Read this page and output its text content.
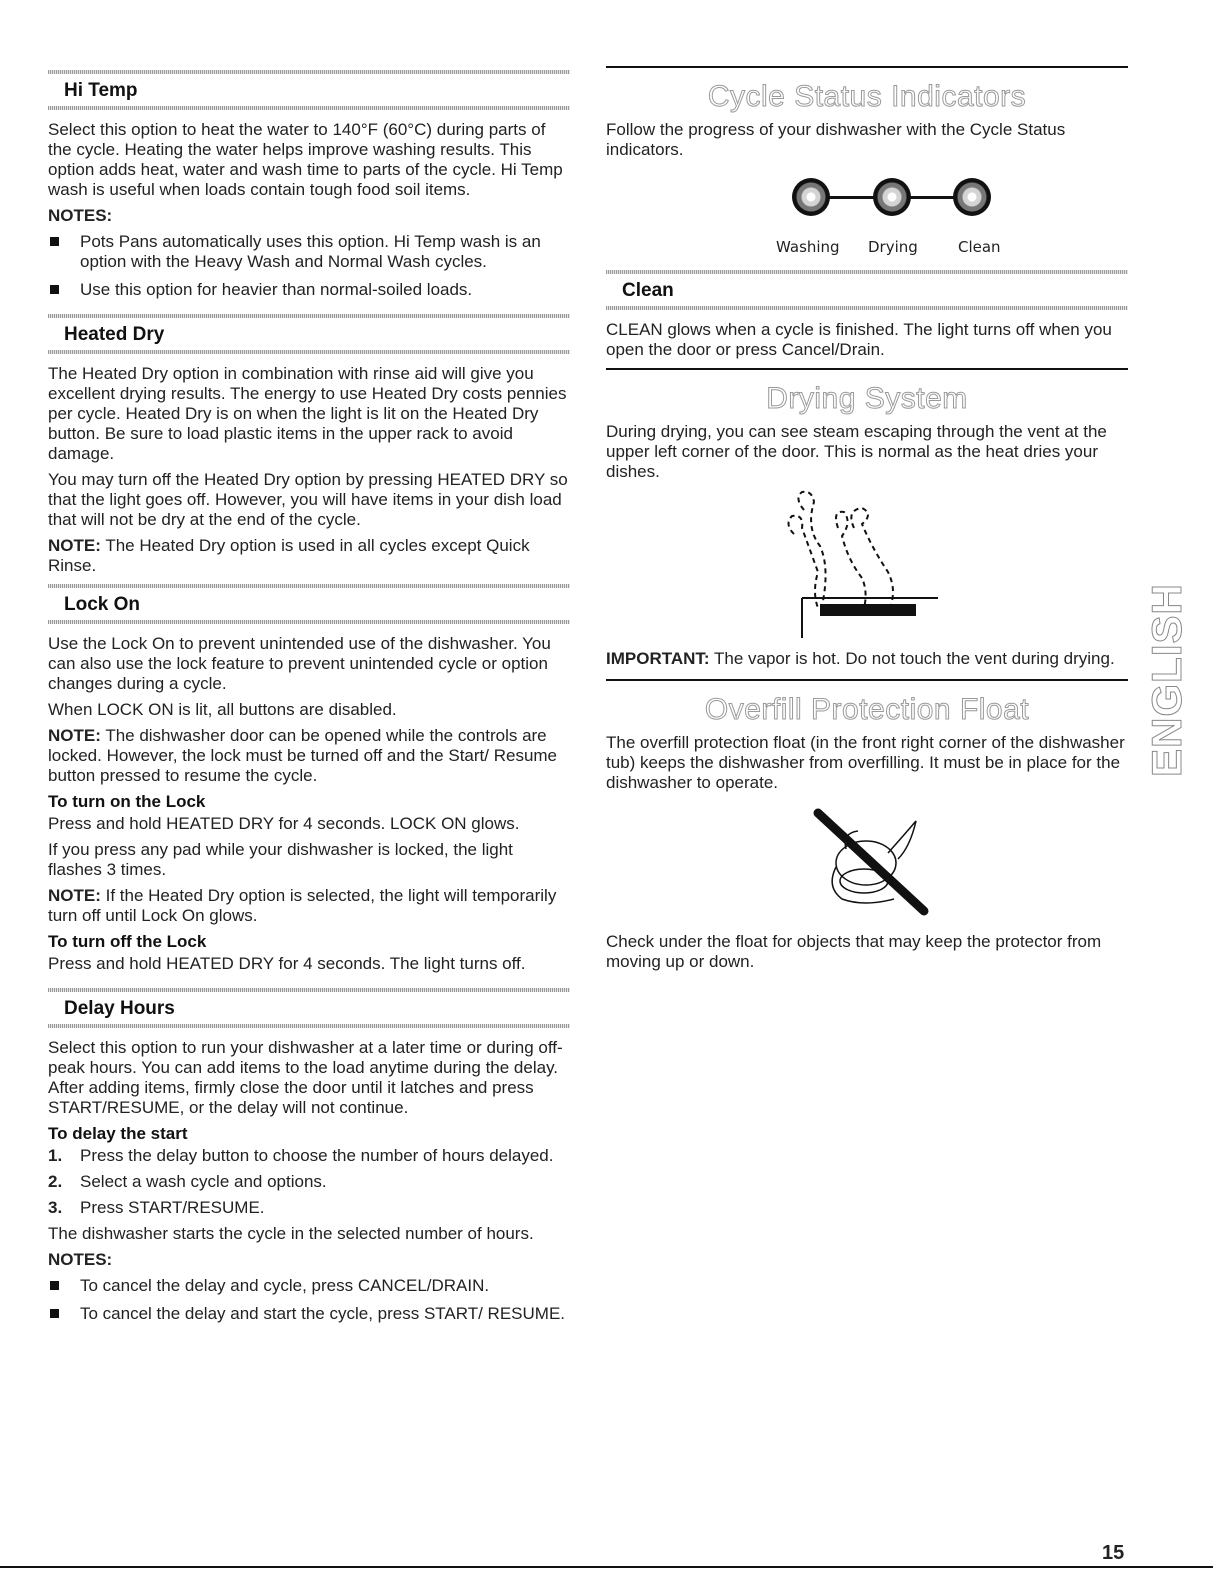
Hi Temp

Select this option to heat the water to 140°F (60°C) during parts of the cycle. Heating the water helps improve washing results. This option adds heat, water and wash time to parts of the cycle. Hi Temp wash is useful when loads contain tough food soil items.

NOTES:
Pots Pans automatically uses this option. Hi Temp wash is an option with the Heavy Wash and Normal Wash cycles.
Use this option for heavier than normal-soiled loads.
Heated Dry

The Heated Dry option in combination with rinse aid will give you excellent drying results. The energy to use Heated Dry costs pennies per cycle. Heated Dry is on when the light is lit on the Heated Dry button. Be sure to load plastic items in the upper rack to avoid damage.

You may turn off the Heated Dry option by pressing HEATED DRY so that the light goes off. However, you will have items in your dish load that will not be dry at the end of the cycle.

NOTE: The Heated Dry option is used in all cycles except Quick Rinse.

Lock On

Use the Lock On to prevent unintended use of the dishwasher. You can also use the lock feature to prevent unintended cycle or option changes during a cycle.

When LOCK ON is lit, all buttons are disabled.

NOTE: The dishwasher door can be opened while the controls are locked. However, the lock must be turned off and the Start/ Resume button pressed to resume the cycle.

To turn on the Lock

Press and hold HEATED DRY for 4 seconds. LOCK ON glows.

If you press any pad while your dishwasher is locked, the light flashes 3 times.

NOTE: If the Heated Dry option is selected, the light will temporarily turn off until Lock On glows.

To turn off the Lock

Press and hold HEATED DRY for 4 seconds. The light turns off.

Delay Hours

Select this option to run your dishwasher at a later time or during off-peak hours. You can add items to the load anytime during the delay. After adding items, firmly close the door until it latches and press START/RESUME, or the delay will not continue.

To delay the start
1.	Press the delay button to choose the number of hours delayed.
2.	Select a wash cycle and options.
3.	Press START/RESUME.

The dishwasher starts the cycle in the selected number of hours.

NOTES:
To cancel the delay and cycle, press CANCEL/DRAIN.
To cancel the delay and start the cycle, press START/ RESUME.
Cycle Status Indicators

Follow the progress of your dishwasher with the Cycle Status indicators.

Washing Drying	Clean
Clean

CLEAN glows when a cycle is finished. The light turns off when you open the door or press Cancel/Drain.

Drying System

During drying, you can see steam escaping through the vent at the upper left corner of the door. This is normal as the heat dries your dishes.

IMPORTANT: The vapor is hot. Do not touch the vent during drying.

Overfill Protection Float

The overfill protection float (in the front right corner of the dishwasher tub) keeps the dishwasher from overfilling. It must be in place for the dishwasher to operate.

Check under the float for objects that may keep the protector from moving up or down.

ENGLISH
15
